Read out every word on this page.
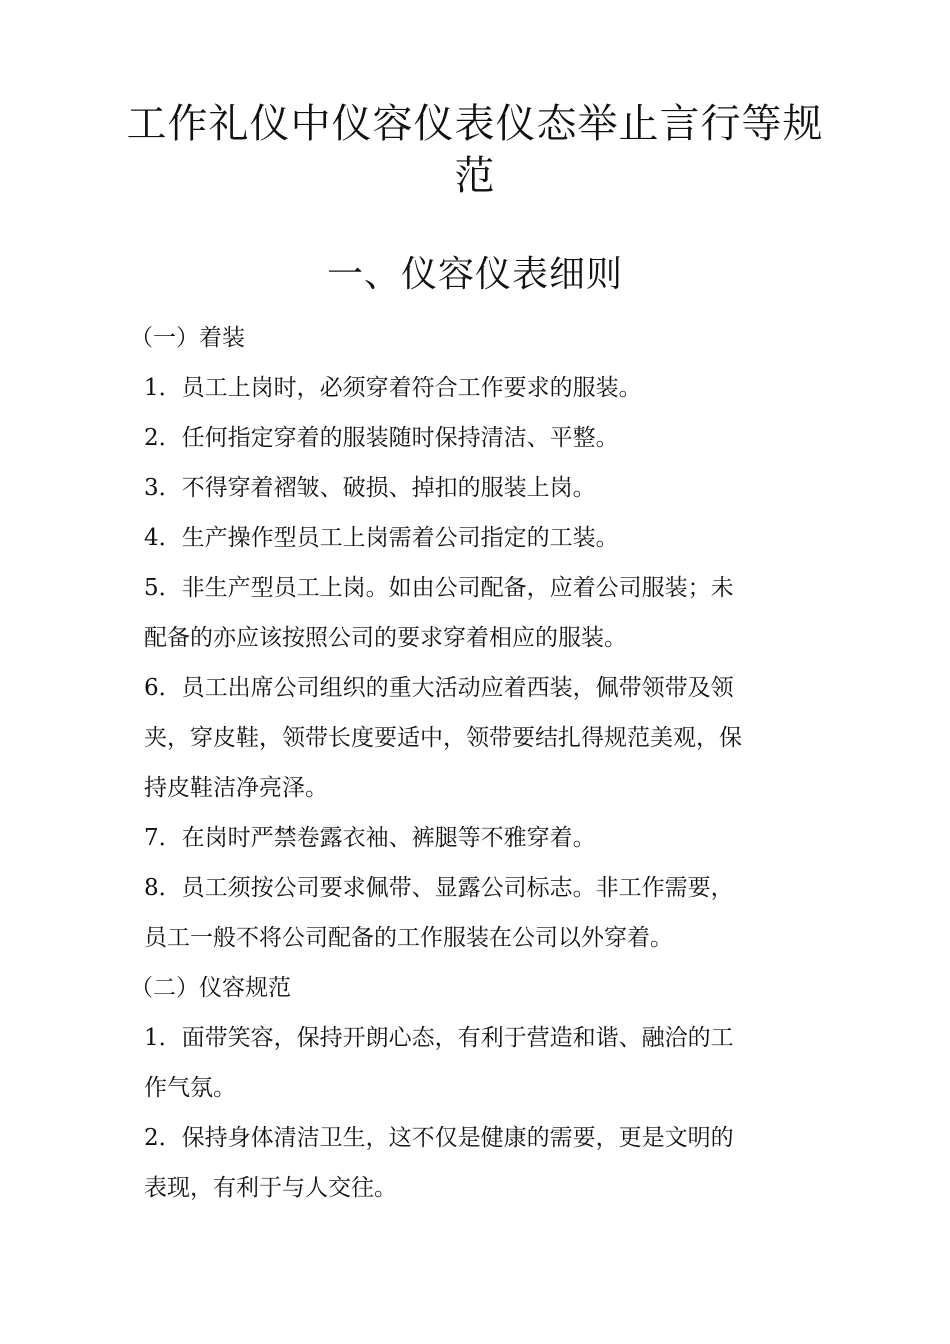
工作礼仪中仪容仪表仪态举止言行等规
范
一、仪容仪表细则
（一）着装
1．员工上岗时，必须穿着符合工作要求的服装。
2．任何指定穿着的服装随时保持清洁、平整。
3．不得穿着褶皱、破损、掉扣的服装上岗。
4．生产操作型员工上岗需着公司指定的工装。
5．非生产型员工上岗。如由公司配备，应着公司服装；未
配备的亦应该按照公司的要求穿着相应的服装。
6．员工出席公司组织的重大活动应着西装，佩带领带及领
夹，穿皮鞋，领带长度要适中，领带要结扎得规范美观，保
持皮鞋洁净亮泽。
7．在岗时严禁卷露衣袖、裤腿等不雅穿着。
8．员工须按公司要求佩带、显露公司标志。非工作需要，
员工一般不将公司配备的工作服装在公司以外穿着。
（二）仪容规范
1．面带笑容，保持开朗心态，有利于营造和谐、融洽的工
作气氛。
2．保持身体清洁卫生，这不仅是健康的需要，更是文明的
表现，有利于与人交往。
